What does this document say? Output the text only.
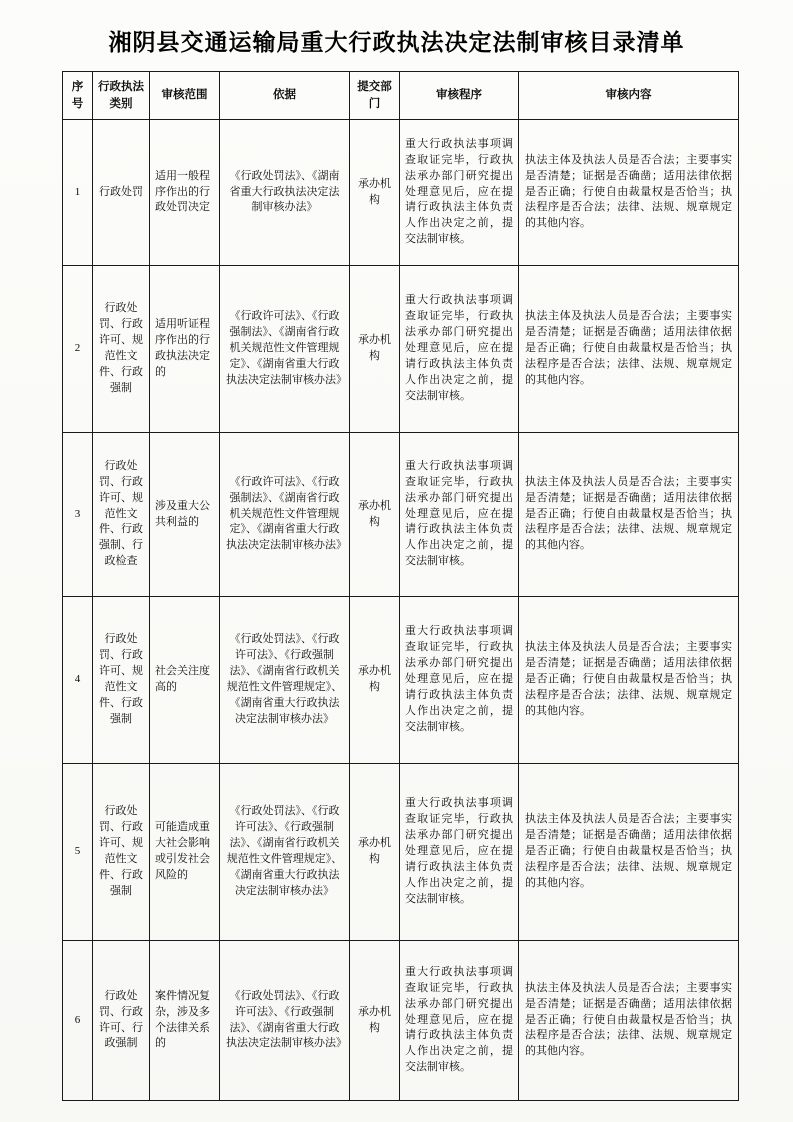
湘阴县交通运输局重大行政执法决定法制审核目录清单
序号	行政执法类别	审核范围	依据	提交部门	审核程序	审核内容
1	行政处罚	适用一般程序作出的行政处罚决定	《行政处罚法》、《湖南省重大行政执法决定法制审核办法》	承办机构	重大行政执法事项调查取证完毕，行政执法承办部门研究提出处理意见后，应在提请行政执法主体负责人作出决定之前，提交法制审核。	执法主体及执法人员是否合法；主要事实是否清楚；证据是否确凿；适用法律依据是否正确；行使自由裁量权是否恰当；执法程序是否合法；法律、法规、规章规定的其他内容。
2	行政处罚、行政许可、规范性文件、行政强制	适用听证程序作出的行政执法决定的	《行政许可法》、《行政强制法》、《湖南省行政机关规范性文件管理规定》、《湖南省重大行政执法决定法制审核办法》	承办机构	重大行政执法事项调查取证完毕，行政执法承办部门研究提出处理意见后，应在提请行政执法主体负责人作出决定之前，提交法制审核。	执法主体及执法人员是否合法；主要事实是否清楚；证据是否确凿；适用法律依据是否正确；行使自由裁量权是否恰当；执法程序是否合法；法律、法规、规章规定的其他内容。
3	行政处罚、行政许可、规范性文件、行政强制、行政检查	涉及重大公共利益的	《行政许可法》、《行政强制法》、《湖南省行政机关规范性文件管理规定》、《湖南省重大行政执法决定法制审核办法》	承办机构	重大行政执法事项调查取证完毕，行政执法承办部门研究提出处理意见后，应在提请行政执法主体负责人作出决定之前，提交法制审核。	执法主体及执法人员是否合法；主要事实是否清楚；证据是否确凿；适用法律依据是否正确；行使自由裁量权是否恰当；执法程序是否合法；法律、法规、规章规定的其他内容。
4	行政处罚、行政许可、规范性文件、行政强制	社会关注度高的	《行政处罚法》、《行政许可法》、《行政强制法》、《湖南省行政机关规范性文件管理规定》、《湖南省重大行政执法决定法制审核办法》	承办机构	重大行政执法事项调查取证完毕，行政执法承办部门研究提出处理意见后，应在提请行政执法主体负责人作出决定之前，提交法制审核。	执法主体及执法人员是否合法；主要事实是否清楚；证据是否确凿；适用法律依据是否正确；行使自由裁量权是否恰当；执法程序是否合法；法律、法规、规章规定的其他内容。
5	行政处罚、行政许可、规范性文件、行政强制	可能造成重大社会影响或引发社会风险的	《行政处罚法》、《行政许可法》、《行政强制法》、《湖南省行政机关规范性文件管理规定》、《湖南省重大行政执法决定法制审核办法》	承办机构	重大行政执法事项调查取证完毕，行政执法承办部门研究提出处理意见后，应在提请行政执法主体负责人作出决定之前，提交法制审核。	执法主体及执法人员是否合法；主要事实是否清楚；证据是否确凿；适用法律依据是否正确；行使自由裁量权是否恰当；执法程序是否合法；法律、法规、规章规定的其他内容。
6	行政处罚、行政许可、行政强制	案件情况复杂，涉及多个法律关系的	《行政处罚法》、《行政许可法》、《行政强制法》、《湖南省重大行政执法决定法制审核办法》	承办机构	重大行政执法事项调查取证完毕，行政执法承办部门研究提出处理意见后，应在提请行政执法主体负责人作出决定之前，提交法制审核。	执法主体及执法人员是否合法；主要事实是否清楚；证据是否确凿；适用法律依据是否正确；行使自由裁量权是否恰当；执法程序是否合法；法律、法规、规章规定的其他内容。
